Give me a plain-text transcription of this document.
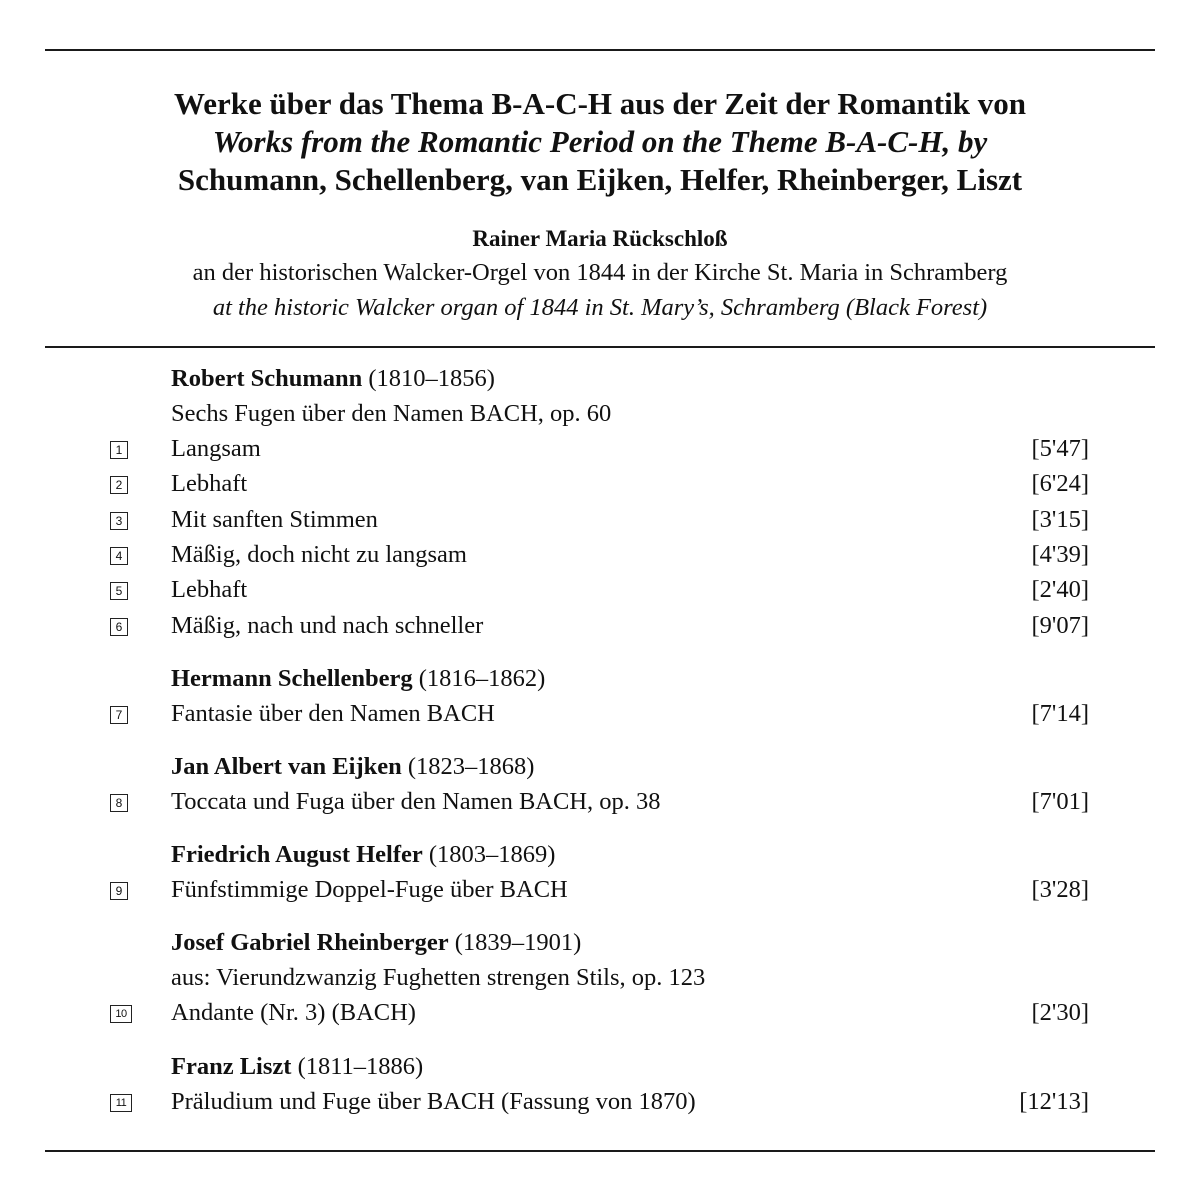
Werke über das Thema B-A-C-H aus der Zeit der Romantik von
Works from the Romantic Period on the Theme B-A-C-H, by
Schumann, Schellenberg, van Eijken, Helfer, Rheinberger, Liszt
Rainer Maria Rückschloß
an der historischen Walcker-Orgel von 1844 in der Kirche St. Maria in Schramberg
at the historic Walcker organ of 1844 in St. Mary’s, Schramberg (Black Forest)
Robert Schumann (1810–1856)
Sechs Fugen über den Namen BACH, op. 60
1 Langsam	[5'47]
2 Lebhaft	[6'24]
3 Mit sanften Stimmen	[3'15]
4 Mäßig, doch nicht zu langsam	[4'39]
5 Lebhaft	[2'40]
6 Mäßig, nach und nach schneller	[9'07]
Hermann Schellenberg (1816–1862)
7 Fantasie über den Namen BACH	[7'14]
Jan Albert van Eijken (1823–1868)
8 Toccata und Fuga über den Namen BACH, op. 38	[7'01]
Friedrich August Helfer (1803–1869)
9 Fünfstimmige Doppel-Fuge über BACH	[3'28]
Josef Gabriel Rheinberger (1839–1901)
aus: Vierundzwanzig Fughetten strengen Stils, op. 123
10 Andante (Nr. 3) (BACH)	[2'30]
Franz Liszt (1811–1886)
11 Präludium und Fuge über BACH (Fassung von 1870)	[12'13]
